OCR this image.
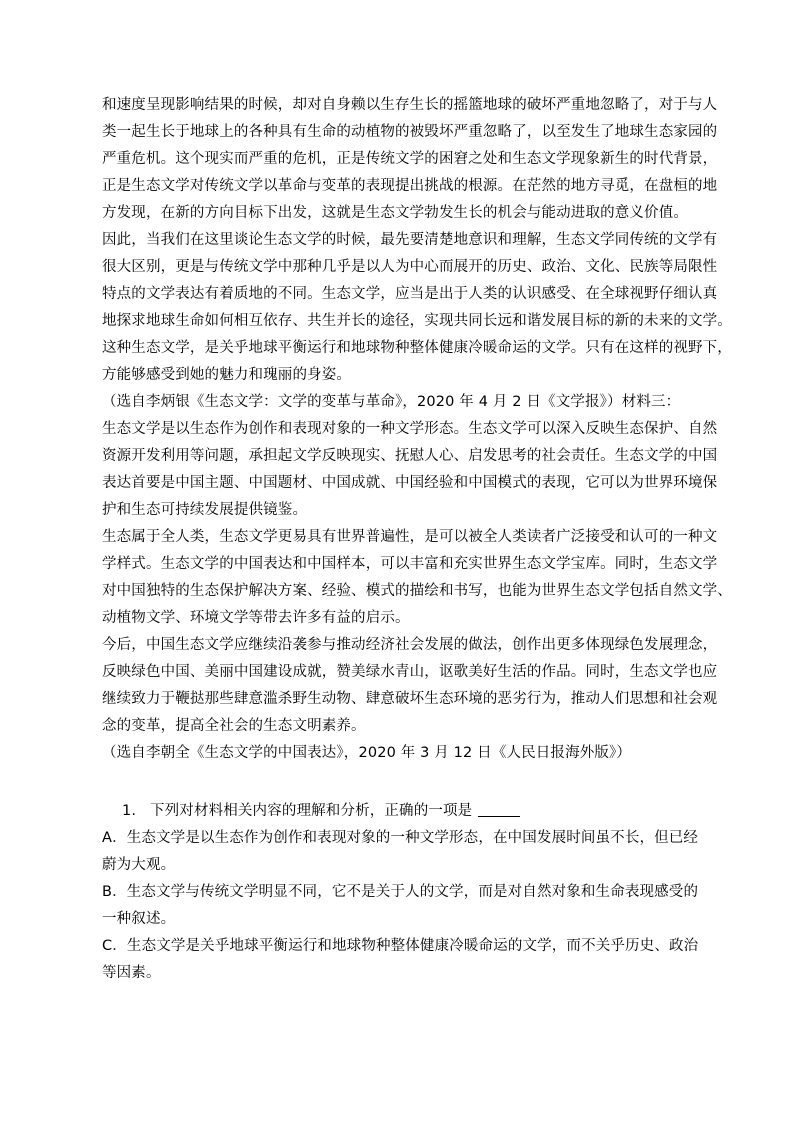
和速度呈现影响结果的时候，却对自身赖以生存生长的摇篮地球的破坏严重地忽略了，对于与人
类一起生长于地球上的各种具有生命的动植物的被毁坏严重忽略了，以至发生了地球生态家园的
严重危机。这个现实而严重的危机，正是传统文学的困窘之处和生态文学现象新生的时代背景，
正是生态文学对传统文学以革命与变革的表现提出挑战的根源。在茫然的地方寻觅，在盘桓的地
方发现，在新的方向目标下出发，这就是生态文学勃发生长的机会与能动进取的意义价值。
因此，当我们在这里谈论生态文学的时候，最先要清楚地意识和理解，生态文学同传统的文学有
很大区别，更是与传统文学中那种几乎是以人为中心而展开的历史、政治、文化、民族等局限性
特点的文学表达有着质地的不同。生态文学，应当是出于人类的认识感受、在全球视野仔细认真
地探求地球生命如何相互依存、共生并长的途径，实现共同长远和谐发展目标的新的未来的文学。
这种生态文学，是关乎地球平衡运行和地球物种整体健康冷暖命运的文学。只有在这样的视野下，
方能够感受到她的魅力和瑰丽的身姿。
（选自李炳银《生态文学：文学的变革与革命》，2020 年 4 月 2 日《文学报》）材料三：
生态文学是以生态作为创作和表现对象的一种文学形态。生态文学可以深入反映生态保护、自然
资源开发利用等问题，承担起文学反映现实、抚慰人心、启发思考的社会责任。生态文学的中国
表达首要是中国主题、中国题材、中国成就、中国经验和中国模式的表现，它可以为世界环境保
护和生态可持续发展提供镜鉴。
生态属于全人类，生态文学更易具有世界普遍性，是可以被全人类读者广泛接受和认可的一种文
学样式。生态文学的中国表达和中国样本，可以丰富和充实世界生态文学宝库。同时，生态文学
对中国独特的生态保护解决方案、经验、模式的描绘和书写，也能为世界生态文学包括自然文学、
动植物文学、环境文学等带去许多有益的启示。
今后，中国生态文学应继续沿袭参与推动经济社会发展的做法，创作出更多体现绿色发展理念，
反映绿色中国、美丽中国建设成就，赞美绿水青山，讴歌美好生活的作品。同时，生态文学也应
继续致力于鞭挞那些肆意滥杀野生动物、肆意破坏生态环境的恶劣行为，推动人们思想和社会观
念的变革，提高全社会的生态文明素养。
（选自李朝全《生态文学的中国表达》，2020 年 3 月 12 日《人民日报海外版》）
1. 下列对材料相关内容的理解和分析，正确的一项是
A．生态文学是以生态作为创作和表现对象的一种文学形态，在中国发展时间虽不长，但已经
蔚为大观。
B．生态文学与传统文学明显不同，它不是关于人的文学，而是对自然对象和生命表现感受的
一种叙述。
C．生态文学是关乎地球平衡运行和地球物种整体健康冷暖命运的文学，而不关乎历史、政治
等因素。
